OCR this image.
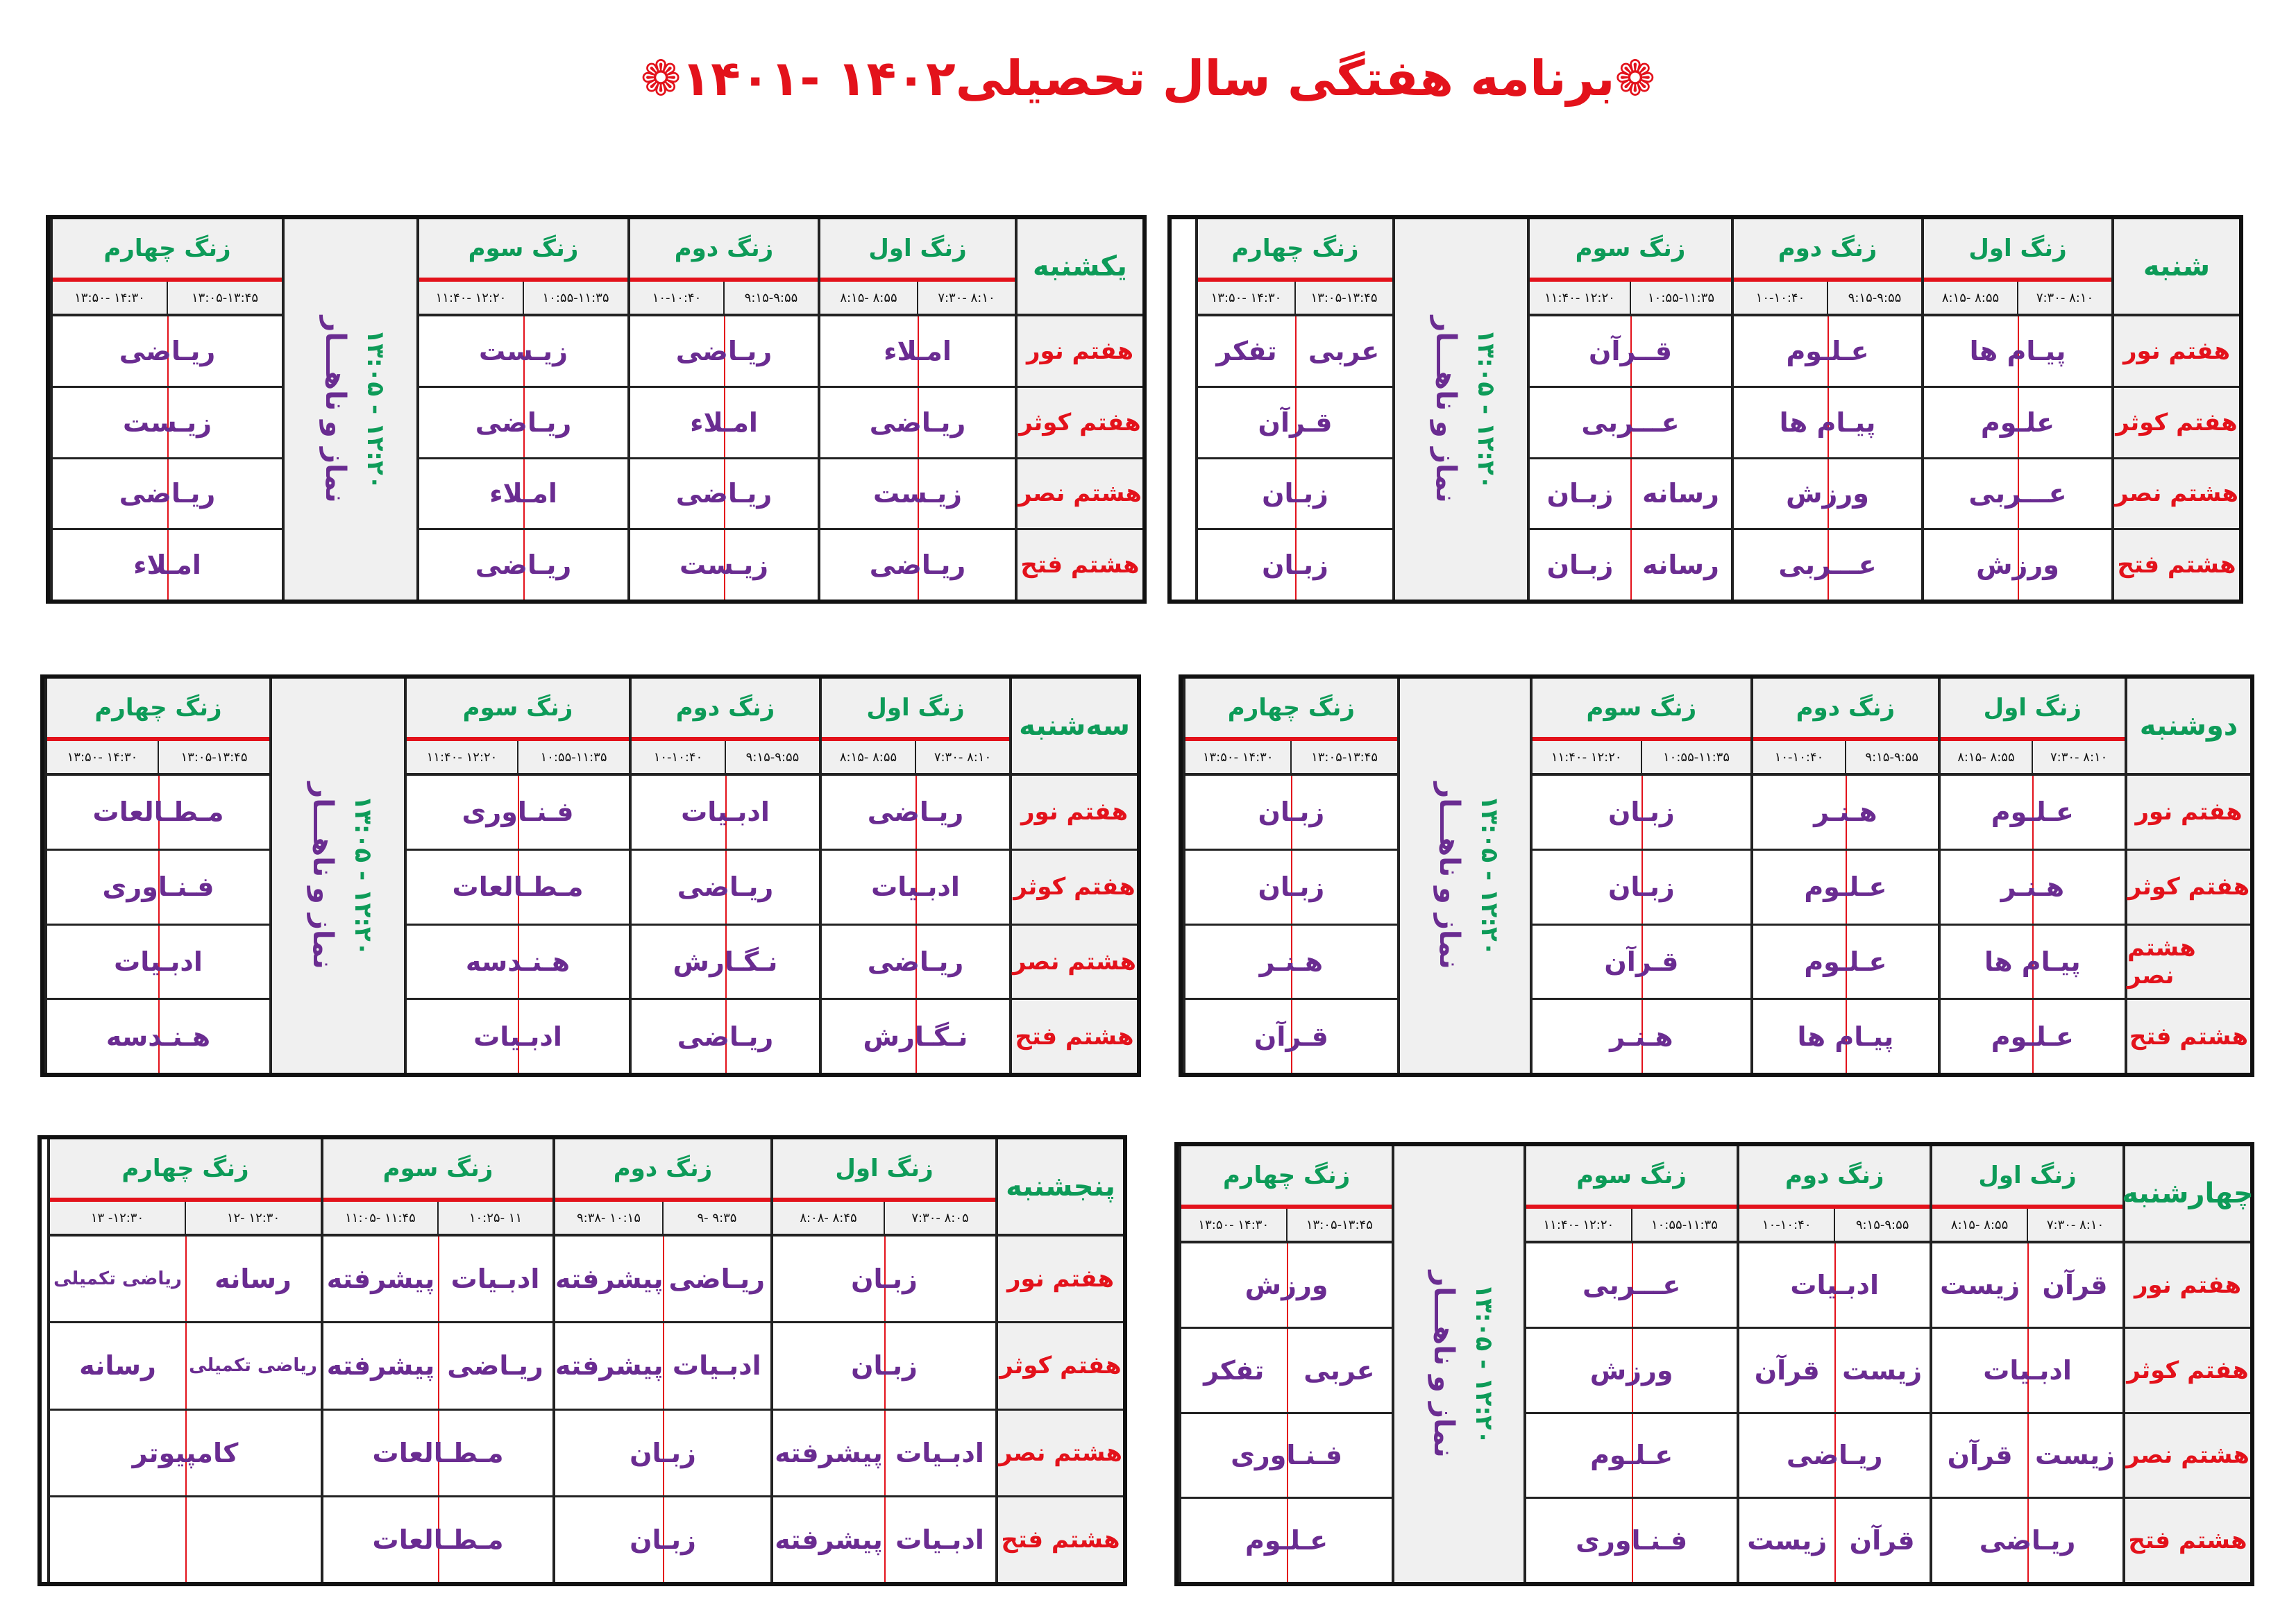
❁برنامه هفتگی سال تحصیلی۱۴۰۲ -۱۴۰۱❁
شنبه
هفتم نور
هفتم کوثر
هشتم نصر
هشتم فتح
زنگ اول
۷:۳۰- ۸:۱۰
۸:۱۵- ۸:۵۵
پیـام ها
علـوم
عـــربی
ورزش
زنگ دوم
۹:۱۵-۹:۵۵
۱۰-۱۰:۴۰
عـلـوم
پیـام ها
ورزش
عـــربی
زنگ سوم
۱۰:۵۵-۱۱:۳۵
۱۱:۴۰- ۱۲:۲۰
قــرآن
عـــربی
رسانه
زبـان
رسانه
زبـان
نماز و ناهـــار ۱۳:۰۵ - ۱۲:۲۰
زنگ چهارم
۱۳:۰۵-۱۳:۴۵
۱۳:۵۰- ۱۴:۳۰
عربی
تفکر
قـرآن
زبـان
زبـان
یکشنبه
هفتم نور
هفتم کوثر
هشتم نصر
هشتم فتح
زنگ اول
۷:۳۰- ۸:۱۰
۸:۱۵- ۸:۵۵
امـلاء
ریـاضی
زیـست
ریـاضی
زنگ دوم
۹:۱۵-۹:۵۵
۱۰-۱۰:۴۰
ریـاضی
امـلاء
ریـاضی
زیـست
زنگ سوم
۱۰:۵۵-۱۱:۳۵
۱۱:۴۰- ۱۲:۲۰
زیـست
ریـاضی
امـلاء
ریـاضی
نماز و ناهـــار ۱۳:۰۵ - ۱۲:۲۰
زنگ چهارم
۱۳:۰۵-۱۳:۴۵
۱۳:۵۰- ۱۴:۳۰
ریـاضی
زیـست
ریـاضی
امـلاء
دوشنبه
هفتم نور
هفتم کوثر
هشتم نصر
هشتم فتح
زنگ اول
۷:۳۰- ۸:۱۰
۸:۱۵- ۸:۵۵
عـلـوم
هـنـر
پیـام ها
عـلـوم
زنگ دوم
۹:۱۵-۹:۵۵
۱۰-۱۰:۴۰
هـنـر
عـلـوم
عـلـوم
پیـام ها
زنگ سوم
۱۰:۵۵-۱۱:۳۵
۱۱:۴۰- ۱۲:۲۰
زبـان
زبـان
قـرآن
هـنـر
نماز و ناهـــار ۱۳:۰۵ - ۱۲:۲۰
زنگ چهارم
۱۳:۰۵-۱۳:۴۵
۱۳:۵۰- ۱۴:۳۰
زبـان
زبـان
هـنـر
قـرآن
سه‌شنبه
هفتم نور
هفتم کوثر
هشتم نصر
هشتم فتح
زنگ اول
۷:۳۰- ۸:۱۰
۸:۱۵- ۸:۵۵
ریـاضی
ادبـیات
ریـاضی
نـگـارش
زنگ دوم
۹:۱۵-۹:۵۵
۱۰-۱۰:۴۰
ادبـیات
ریـاضی
نـگـارش
ریـاضی
زنگ سوم
۱۰:۵۵-۱۱:۳۵
۱۱:۴۰- ۱۲:۲۰
فـنـاوری
مـطـالعات
هـنـدسه
ادبـیات
نماز و ناهـــار ۱۳:۰۵ - ۱۲:۲۰
زنگ چهارم
۱۳:۰۵-۱۳:۴۵
۱۳:۵۰- ۱۴:۳۰
مـطـالعات
فـنـاوری
ادبـیات
هـنـدسه
چهارشنبه
هفتم نور
هفتم کوثر
هشتم نصر
هشتم فتح
زنگ اول
۷:۳۰- ۸:۱۰
۸:۱۵- ۸:۵۵
قرآن
زیست
ادبـیات
زیست
قرآن
ریـاضی
زنگ دوم
۹:۱۵-۹:۵۵
۱۰-۱۰:۴۰
ادبـیات
زیست
قرآن
ریـاضی
قرآن
زیست
زنگ سوم
۱۰:۵۵-۱۱:۳۵
۱۱:۴۰- ۱۲:۲۰
عـــربی
ورزش
عـلـوم
فـنـاوری
نماز و ناهـــار ۱۳:۰۵ - ۱۲:۲۰
زنگ چهارم
۱۳:۰۵-۱۳:۴۵
۱۳:۵۰- ۱۴:۳۰
ورزش
عربی
تفکر
فـنـاوری
عـلـوم
پنجشنبه
هفتم نور
هفتم کوثر
هشتم نصر
هشتم فتح
زنگ اول
۷:۳۰- ۸:۰۵
۸:۰۸- ۸:۴۵
زبـان
زبـان
ادبـیات
پیشرفته
ادبـیات
پیشرفته
زنگ دوم
۹- ۹:۳۵
۹:۳۸- ۱۰:۱۵
ریـاضی
پیشرفته
ادبـیات
پیشرفته
زبـان
زبـان
زنگ سوم
۱۰:۲۵- ۱۱
۱۱:۰۵- ۱۱:۴۵
ادبـیات
پیشرفته
ریـاضی
پیشرفته
مـطـالعات
مـطـالعات
زنگ چهارم
۱۲- ۱۲:۳۰
۱۳ -۱۲:۳۰
رسانه
ریاضی تکمیلی
ریاضی تکمیلی
رسانه
کامپیوتر
